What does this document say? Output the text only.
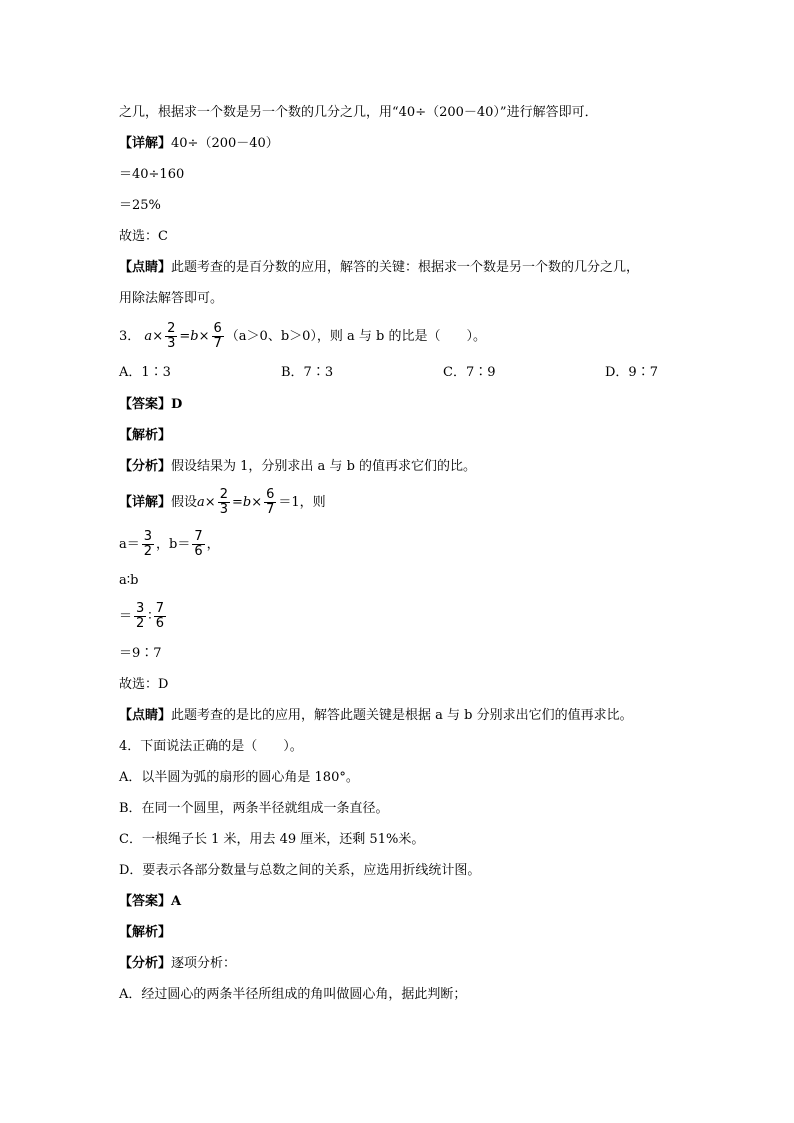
之几，根据求一个数是另一个数的几分之几，用“40÷（200－40）”进行解答即可．
【详解】40÷（200－40）
＝40÷160
＝25%
故选：C
【点睛】此题考查的是百分数的应用，解答的关键：根据求一个数是另一个数的几分之几，
用除法解答即可。
3． $a\times \frac{2}{3} =b\times \frac{6}{7} (a>0$、b＞0），则 a 与 b 的比是（　　）。
A．1∶3	B．7∶3	C．7∶9	D．9∶7
【答案】D
【解析】
【分析】假设结果为 1，分别求出 a 与 b 的值再求它们的比。
【详解】假设$a\times \frac{2}{3} =b\times \frac{6}{7} =1$，则
$a= \frac{3}{2}$ ，$b= \frac{7}{6}$ ，
a∶b
＝ $\frac{3}{2}$ ∶ $\frac{7}{6}$
＝9∶7
故选：D
【点睛】此题考查的是比的应用，解答此题关键是根据 a 与 b 分别求出它们的值再求比。
4．下面说法正确的是（　　）。
A．以半圆为弧的扇形的圆心角是 180°。
B．在同一个圆里，两条半径就组成一条直径。
C．一根绳子长 1 米，用去 49 厘米，还剩 51%米。
D．要表示各部分数量与总数之间的关系，应选用折线统计图。
【答案】A
【解析】
【分析】逐项分析：
A．经过圆心的两条半径所组成的角叫做圆心角，据此判断；
